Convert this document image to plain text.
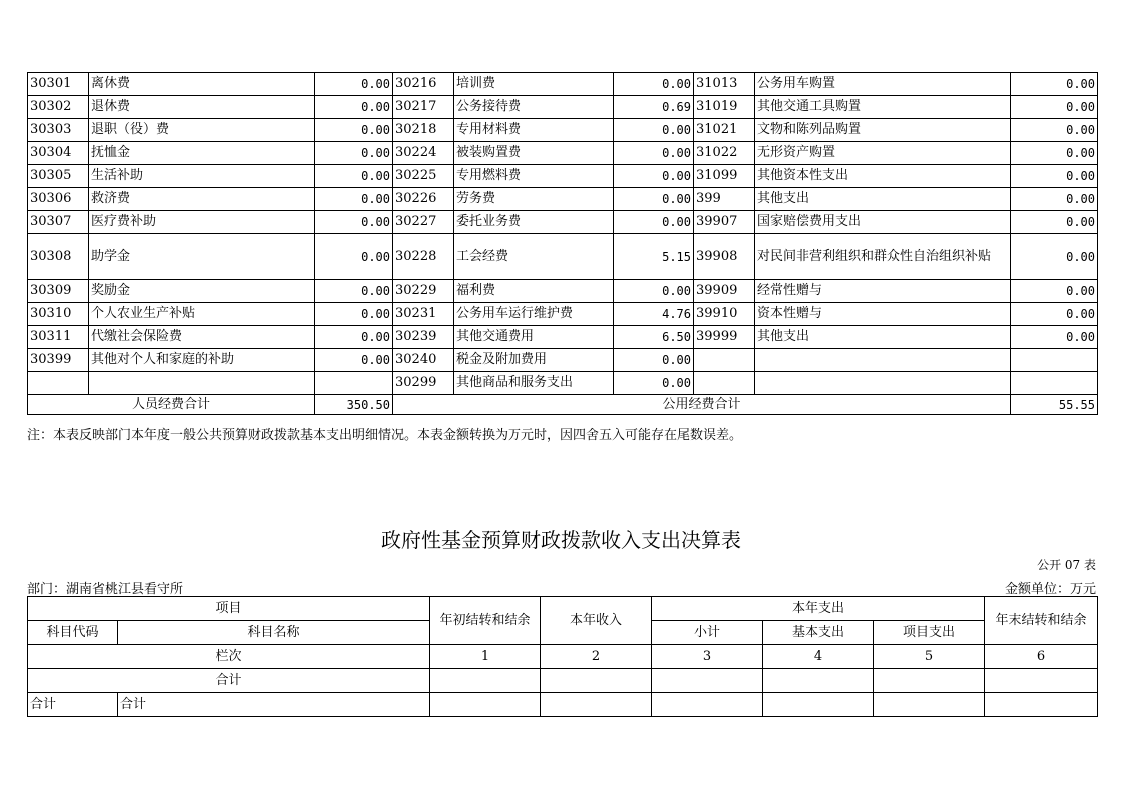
30301	离休费	0.00	30216	培训费	0.00	31013	公务用车购置	0.00
30302	退休费	0.00	30217	公务接待费	0.69	31019	其他交通工具购置	0.00
30303	退职（役）费	0.00	30218	专用材料费	0.00	31021	文物和陈列品购置	0.00
30304	抚恤金	0.00	30224	被装购置费	0.00	31022	无形资产购置	0.00
30305	生活补助	0.00	30225	专用燃料费	0.00	31099	其他资本性支出	0.00
30306	救济费	0.00	30226	劳务费	0.00	399	其他支出	0.00
30307	医疗费补助	0.00	30227	委托业务费	0.00	39907	国家赔偿费用支出	0.00
30308	助学金	0.00	30228	工会经费	5.15	39908	对民间非营利组织和群众性自治组织补贴	0.00
30309	奖励金	0.00	30229	福利费	0.00	39909	经常性赠与	0.00
30310	个人农业生产补贴	0.00	30231	公务用车运行维护费	4.76	39910	资本性赠与	0.00
30311	代缴社会保险费	0.00	30239	其他交通费用	6.50	39999	其他支出	0.00
30399	其他对个人和家庭的补助	0.00	30240	税金及附加费用	0.00			
			30299	其他商品和服务支出	0.00			
人员经费合计		350.50	公用经费合计					55.55
注：本表反映部门本年度一般公共预算财政拨款基本支出明细情况。本表金额转换为万元时，因四舍五入可能存在尾数误差。
政府性基金预算财政拨款收入支出决算表
公开 07 表
部门：湖南省桃江县看守所	金额单位：万元
项目		年初结转和结余	本年收入	本年支出			年末结转和结余
科目代码	科目名称			小计	基本支出	项目支出	
栏次		1	2	3	4	5	6
合计							
合计	合计						
